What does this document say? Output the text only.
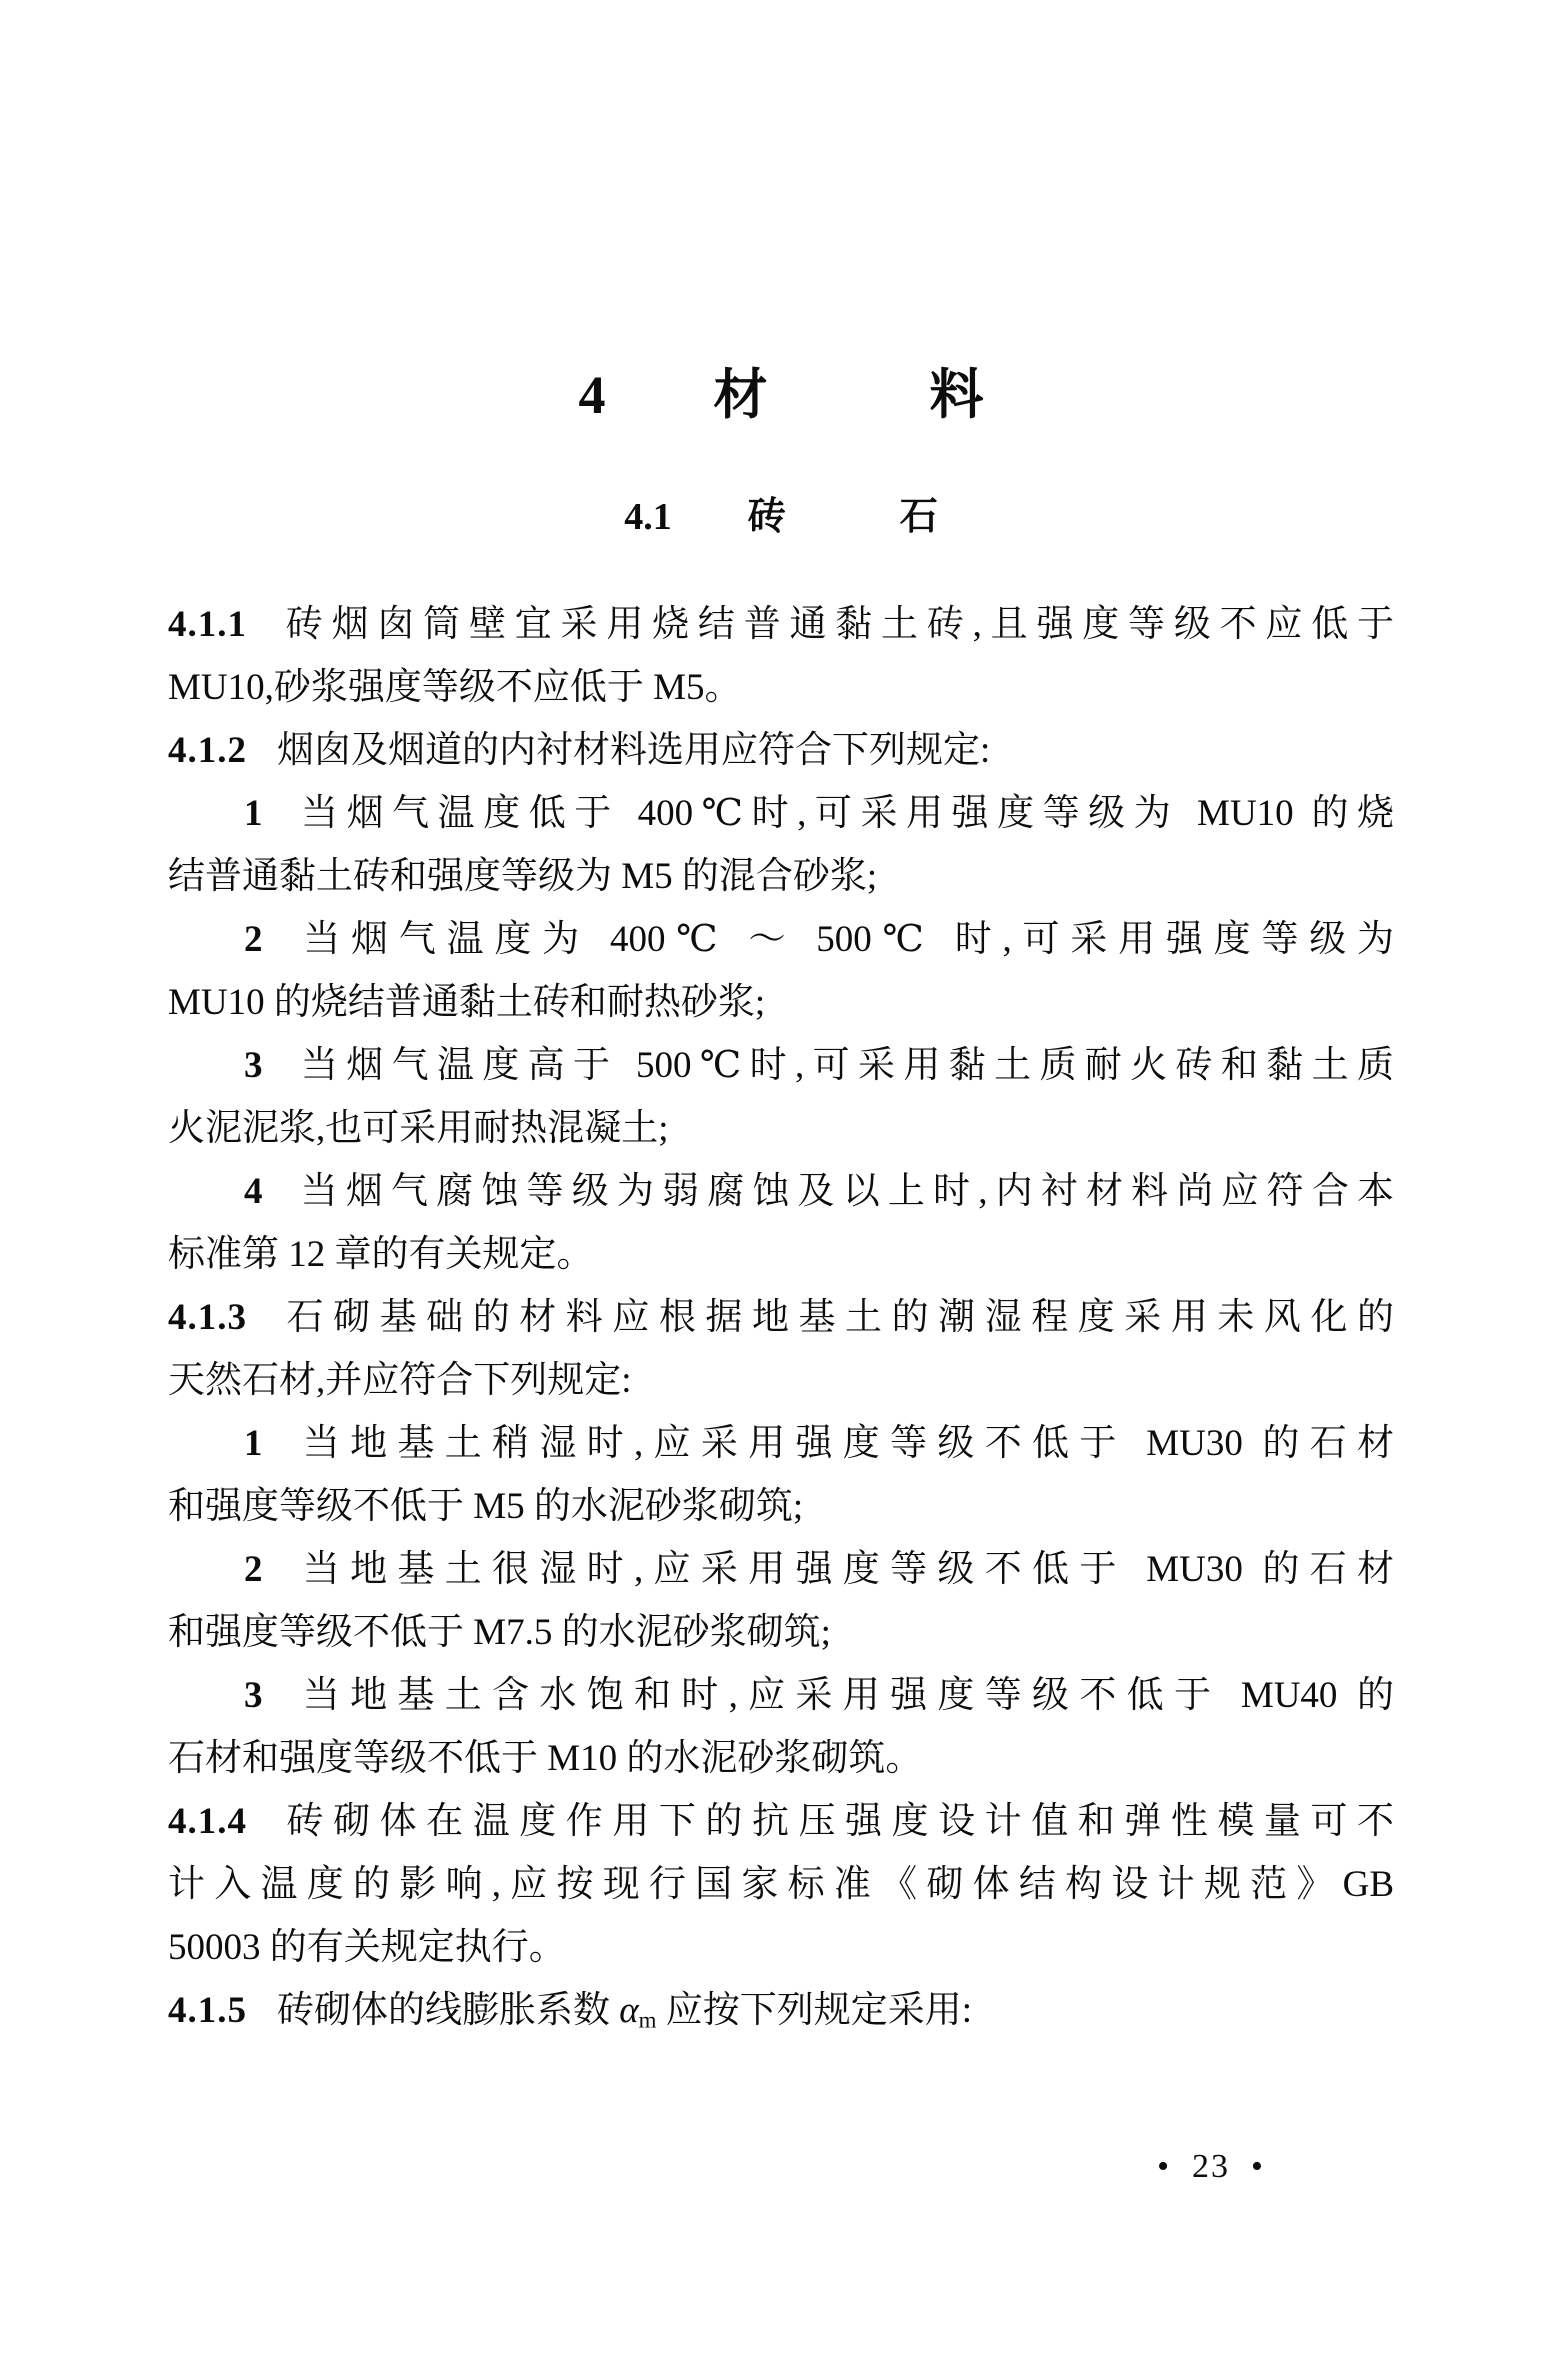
4　　材　　　料
4.1　　砖　　　石

4.1.1 砖烟囱筒壁宜采用烧结普通黏土砖,且强度等级不应低于
MU10,砂浆强度等级不应低于 M5。

4.1.2 烟囱及烟道的内衬材料选用应符合下列规定:

1 当烟气温度低于 400℃时,可采用强度等级为 MU10 的烧
结普通黏土砖和强度等级为 M5 的混合砂浆;

2 当烟气温度为 400℃ ～ 500℃ 时,可采用强度等级为
MU10 的烧结普通黏土砖和耐热砂浆;

3 当烟气温度高于 500℃时,可采用黏土质耐火砖和黏土质
火泥泥浆,也可采用耐热混凝土;

4 当烟气腐蚀等级为弱腐蚀及以上时,内衬材料尚应符合本
标准第 12 章的有关规定。

4.1.3 石砌基础的材料应根据地基土的潮湿程度采用未风化的
天然石材,并应符合下列规定:

1 当地基土稍湿时,应采用强度等级不低于 MU30 的石材
和强度等级不低于 M5 的水泥砂浆砌筑;

2 当地基土很湿时,应采用强度等级不低于 MU30 的石材
和强度等级不低于 M7.5 的水泥砂浆砌筑;

3 当地基土含水饱和时,应采用强度等级不低于 MU40 的
石材和强度等级不低于 M10 的水泥砂浆砌筑。

4.1.4 砖砌体在温度作用下的抗压强度设计值和弹性模量可不
计入温度的影响,应按现行国家标准《砌体结构设计规范》GB
50003 的有关规定执行。

4.1.5 砖砌体的线膨胀系数 $\alpha_m$ 应按下列规定采用:

•  23  •
